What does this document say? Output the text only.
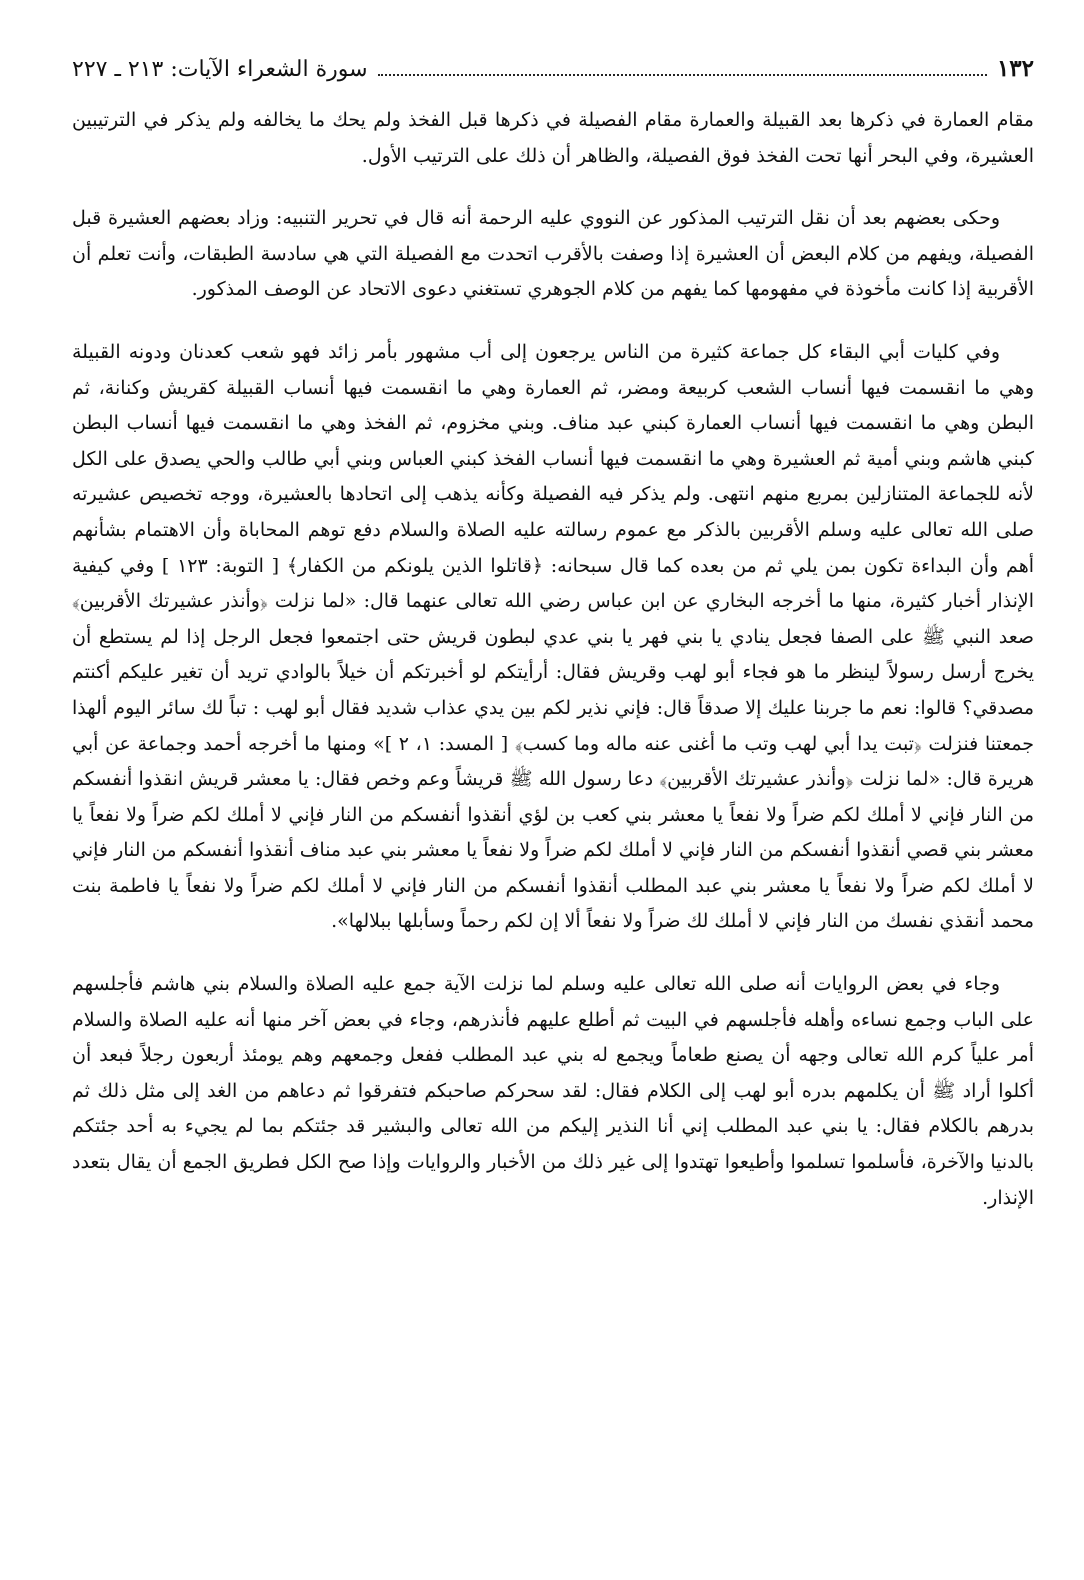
١٣٢
سورة الشعراء الآيات: ٢١٣ ـ ٢٢٧

مقام العمارة في ذكرها بعد القبيلة والعمارة مقام الفصيلة في ذكرها قبل الفخذ ولم يحك ما يخالفه ولم يذكر في الترتيبين العشيرة، وفي البحر أنها تحت الفخذ فوق الفصيلة، والظاهر أن ذلك على الترتيب الأول.

وحكى بعضهم بعد أن نقل الترتيب المذكور عن النووي عليه الرحمة أنه قال في تحرير التنبيه: وزاد بعضهم العشيرة قبل الفصيلة، ويفهم من كلام البعض أن العشيرة إذا وصفت بالأقرب اتحدت مع الفصيلة التي هي سادسة الطبقات، وأنت تعلم أن الأقربية إذا كانت مأخوذة في مفهومها كما يفهم من كلام الجوهري تستغني دعوى الاتحاد عن الوصف المذكور.

وفي كليات أبي البقاء كل جماعة كثيرة من الناس يرجعون إلى أب مشهور بأمر زائد فهو شعب كعدنان ودونه القبيلة وهي ما انقسمت فيها أنساب الشعب كربيعة ومضر، ثم العمارة وهي ما انقسمت فيها أنساب القبيلة كقريش وكنانة، ثم البطن وهي ما انقسمت فيها أنساب العمارة كبني عبد مناف. وبني مخزوم، ثم الفخذ وهي ما انقسمت فيها أنساب البطن كبني هاشم وبني أمية ثم العشيرة وهي ما انقسمت فيها أنساب الفخذ كبني العباس وبني أبي طالب والحي يصدق على الكل لأنه للجماعة المتنازلين بمربع منهم انتهى. ولم يذكر فيه الفصيلة وكأنه يذهب إلى اتحادها بالعشيرة، ووجه تخصيص عشيرته صلى الله تعالى عليه وسلم الأقربين بالذكر مع عموم رسالته عليه الصلاة والسلام دفع توهم المحاباة وأن الاهتمام بشأنهم أهم وأن البداءة تكون بمن يلي ثم من بعده كما قال سبحانه: ﴿قاتلوا الذين يلونكم من الكفار﴾ [ التوبة: ١٢٣ ] وفي كيفية الإنذار أخبار كثيرة، منها ما أخرجه البخاري عن ابن عباس رضي الله تعالى عنهما قال: «لما نزلت ﴿وأنذر عشيرتك الأقربين﴾ صعد النبي ﷺ على الصفا فجعل ينادي يا بني فهر يا بني عدي لبطون قريش حتى اجتمعوا فجعل الرجل إذا لم يستطع أن يخرج أرسل رسولاً لينظر ما هو فجاء أبو لهب وقريش فقال: أرأيتكم لو أخبرتكم أن خيلاً بالوادي تريد أن تغير عليكم أكنتم مصدقي؟ قالوا: نعم ما جربنا عليك إلا صدقاً قال: فإني نذير لكم بين يدي عذاب شديد فقال أبو لهب : تباً لك سائر اليوم ألهذا جمعتنا فنزلت ﴿تبت يدا أبي لهب وتب ما أغنى عنه ماله وما كسب﴾ [ المسد: ١، ٢ ]» ومنها ما أخرجه أحمد وجماعة عن أبي هريرة قال: «لما نزلت ﴿وأنذر عشيرتك الأقربين﴾ دعا رسول الله ﷺ قريشاً وعم وخص فقال: يا معشر قريش انقذوا أنفسكم من النار فإني لا أملك لكم ضراً ولا نفعاً يا معشر بني كعب بن لؤي أنقذوا أنفسكم من النار فإني لا أملك لكم ضراً ولا نفعاً يا معشر بني قصي أنقذوا أنفسكم من النار فإني لا أملك لكم ضراً ولا نفعاً يا معشر بني عبد مناف أنقذوا أنفسكم من النار فإني لا أملك لكم ضراً ولا نفعاً يا معشر بني عبد المطلب أنقذوا أنفسكم من النار فإني لا أملك لكم ضراً ولا نفعاً يا فاطمة بنت محمد أنقذي نفسك من النار فإني لا أملك لك ضراً ولا نفعاً ألا إن لكم رحماً وسأبلها ببلالها».

وجاء في بعض الروايات أنه صلى الله تعالى عليه وسلم لما نزلت الآية جمع عليه الصلاة والسلام بني هاشم فأجلسهم على الباب وجمع نساءه وأهله فأجلسهم في البيت ثم أطلع عليهم فأنذرهم، وجاء في بعض آخر منها أنه عليه الصلاة والسلام أمر علياً كرم الله تعالى وجهه أن يصنع طعاماً ويجمع له بني عبد المطلب ففعل وجمعهم وهم يومئذ أربعون رجلاً فبعد أن أكلوا أراد ﷺ أن يكلمهم بدره أبو لهب إلى الكلام فقال: لقد سحركم صاحبكم فتفرقوا ثم دعاهم من الغد إلى مثل ذلك ثم بدرهم بالكلام فقال: يا بني عبد المطلب إني أنا النذير إليكم من الله تعالى والبشير قد جئتكم بما لم يجيء به أحد جئتكم بالدنيا والآخرة، فأسلموا تسلموا وأطيعوا تهتدوا إلى غير ذلك من الأخبار والروايات وإذا صح الكل فطريق الجمع أن يقال بتعدد الإنذار.
